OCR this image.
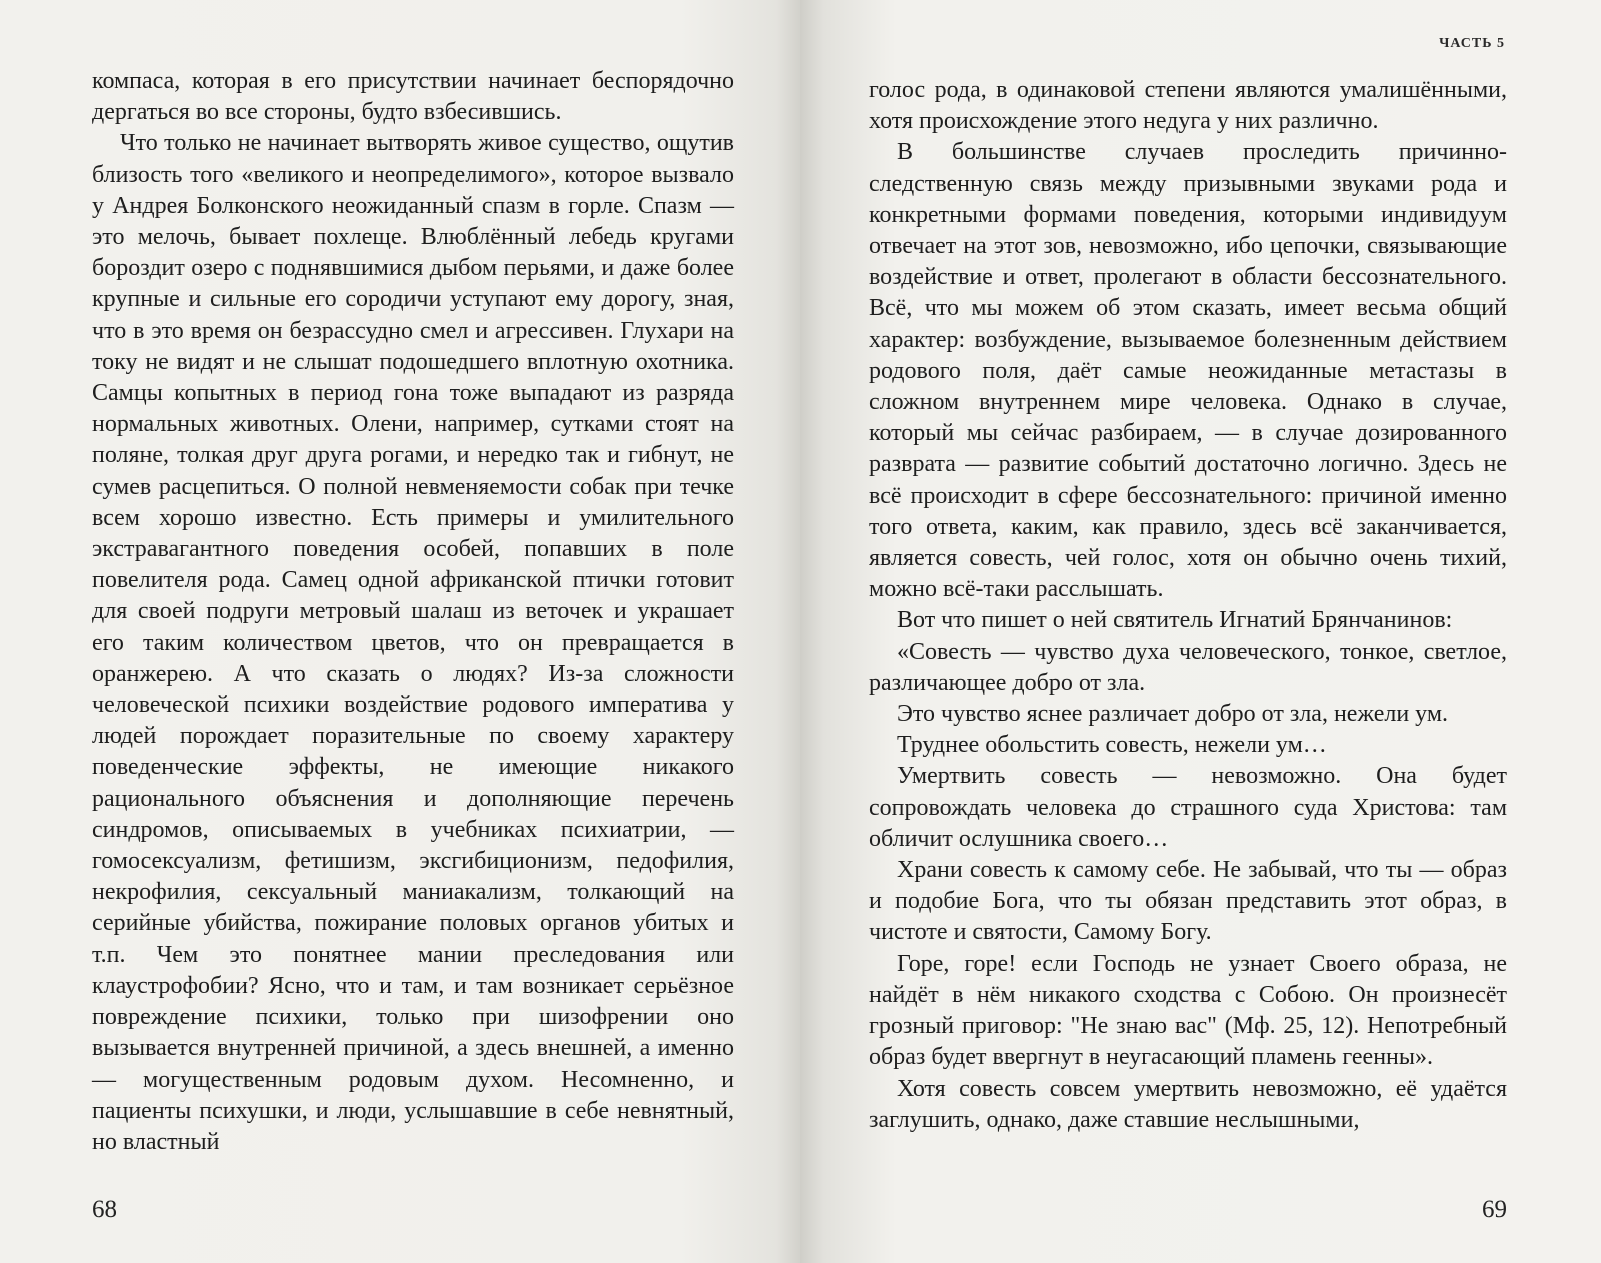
компаса, которая в его присутствии начинает беспорядочно дергаться во все стороны, будто взбесившись.

Что только не начинает вытворять живое существо, ощутив близость того «великого и неопределимого», которое вызвало у Андрея Болконского неожиданный спазм в горле. Спазм — это мелочь, бывает похлеще. Влюблённый лебедь кругами бороздит озеро с поднявшимися дыбом перьями, и даже более крупные и сильные его сородичи уступают ему дорогу, зная, что в это время он безрассудно смел и агрессивен. Глухари на току не видят и не слышат подошедшего вплотную охотника. Самцы копытных в период гона тоже выпадают из разряда нормальных животных. Олени, например, сутками стоят на поляне, толкая друг друга рогами, и нередко так и гибнут, не сумев расцепиться. О полной невменяемости собак при течке всем хорошо известно. Есть примеры и умилительного экстравагантного поведения особей, попавших в поле повелителя рода. Самец одной африканской птички готовит для своей подруги метровый шалаш из веточек и украшает его таким количеством цветов, что он превращается в оранжерею. А что сказать о людях? Из-за сложности человеческой психики воздействие родового императива у людей порождает поразительные по своему характеру поведенческие эффекты, не имеющие никакого рационального объяснения и дополняющие перечень синдромов, описываемых в учебниках психиатрии, — гомосексуализм, фетишизм, эксгибиционизм, педофилия, некрофилия, сексуальный маниакализм, толкающий на серийные убийства, пожирание половых органов убитых и т.п. Чем это понятнее мании преследования или клаустрофобии? Ясно, что и там, и там возникает серьёзное повреждение психики, только при шизофрении оно вызывается внутренней причиной, а здесь внешней, а именно — могущественным родовым духом. Несомненно, и пациенты психушки, и люди, услышавшие в себе невнятный, но властный

68
ЧАСТЬ 5

голос рода, в одинаковой степени являются умалишёнными, хотя происхождение этого недуга у них различно.

В большинстве случаев проследить причинно-следственную связь между призывными звуками рода и конкретными формами поведения, которыми индивидуум отвечает на этот зов, невозможно, ибо цепочки, связывающие воздействие и ответ, пролегают в области бессознательного. Всё, что мы можем об этом сказать, имеет весьма общий характер: возбуждение, вызываемое болезненным действием родового поля, даёт самые неожиданные метастазы в сложном внутреннем мире человека. Однако в случае, который мы сейчас разбираем, — в случае дозированного разврата — развитие событий достаточно логично. Здесь не всё происходит в сфере бессознательного: причиной именно того ответа, каким, как правило, здесь всё заканчивается, является совесть, чей голос, хотя он обычно очень тихий, можно всё-таки расслышать.

Вот что пишет о ней святитель Игнатий Брянчанинов:

«Совесть — чувство духа человеческого, тонкое, светлое, различающее добро от зла.

Это чувство яснее различает добро от зла, нежели ум.

Труднее обольстить совесть, нежели ум…

Умертвить совесть — невозможно. Она будет сопровождать человека до страшного суда Христова: там обличит ослушника своего…

Храни совесть к самому себе. Не забывай, что ты — образ и подобие Бога, что ты обязан представить этот образ, в чистоте и святости, Самому Богу.

Горе, горе! если Господь не узнает Своего образа, не найдёт в нём никакого сходства с Собою. Он произнесёт грозный приговор: "Не знаю вас" (Мф. 25, 12). Непотребный образ будет ввергнут в неугасающий пламень геенны».

Хотя совесть совсем умертвить невозможно, её удаётся заглушить, однако, даже ставшие неслышными,

69
